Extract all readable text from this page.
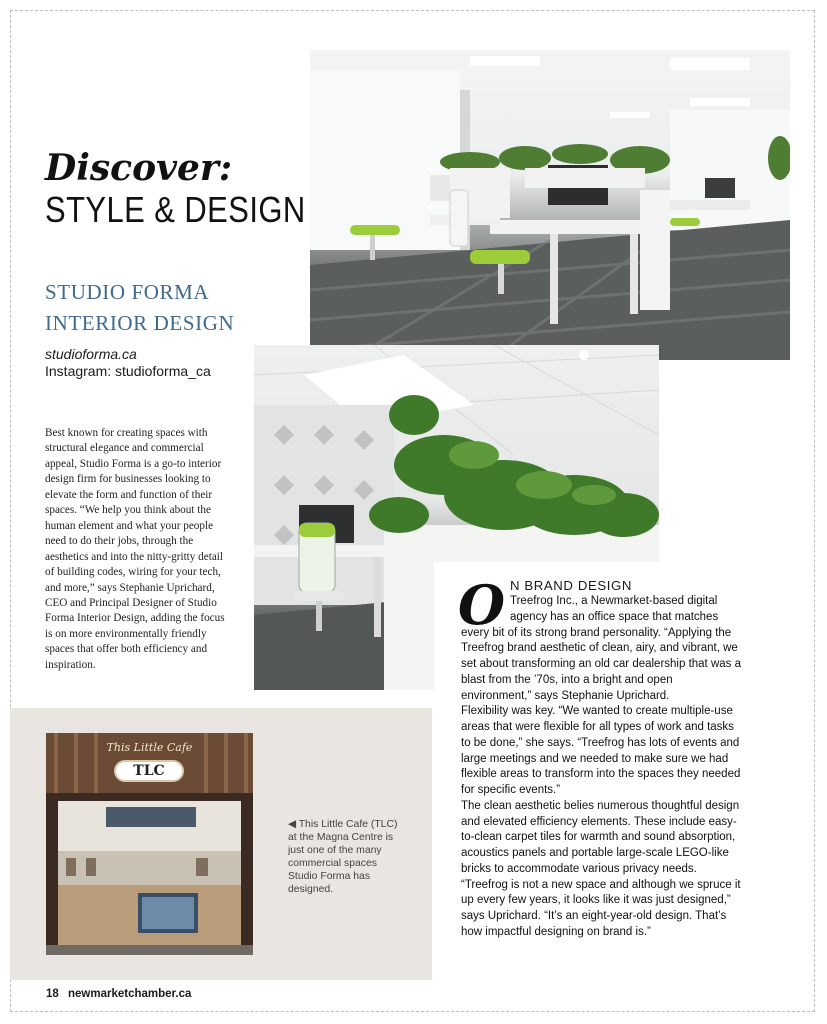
Discover:
STYLE & DESIGN
STUDIO FORMA INTERIOR DESIGN
studioforma.ca
Instagram: studioforma_ca
Best known for creating spaces with structural elegance and commercial appeal, Studio Forma is a go-to interior design firm for businesses looking to elevate the form and function of their spaces. “We help you think about the human element and what your people need to do their jobs, through the aesthetics and into the nitty-gritty detail of building codes, wiring for your tech, and more,” says Stephanie Uprichard, CEO and Principal Designer of Studio Forma Interior Design, adding the focus is on more environmentally friendly spaces that offer both efficiency and inspiration.
This Little Cafe
TLC
◀ This Little Cafe (TLC) at the Magna Centre is just one of the many commercial spaces Studio Forma has designed.
O N BRAND DESIGN

Treefrog Inc., a Newmarket-based digital

agency has an office space that matches

every bit of its strong brand personality. “Applying the Treefrog brand aesthetic of clean, airy, and vibrant, we set about transforming an old car dealership that was a blast from the ’70s, into a bright and open environment,” says Stephanie Uprichard.

Flexibility was key. “We wanted to create multiple-use areas that were flexible for all types of work and tasks to be done,” she says. “Treefrog has lots of events and large meetings and we needed to make sure we had flexible areas to transform into the spaces they needed for specific events.”

The clean aesthetic belies numerous thoughtful design and elevated efficiency elements. These include easy-to-clean carpet tiles for warmth and sound absorption, acoustics panels and portable large-scale LEGO-like bricks to accommodate various privacy needs. “Treefrog is not a new space and although we spruce it up every few years, it looks like it was just designed,” says Uprichard. “It’s an eight-year-old design. That’s how impactful designing on brand is.”

18 newmarketchamber.ca
